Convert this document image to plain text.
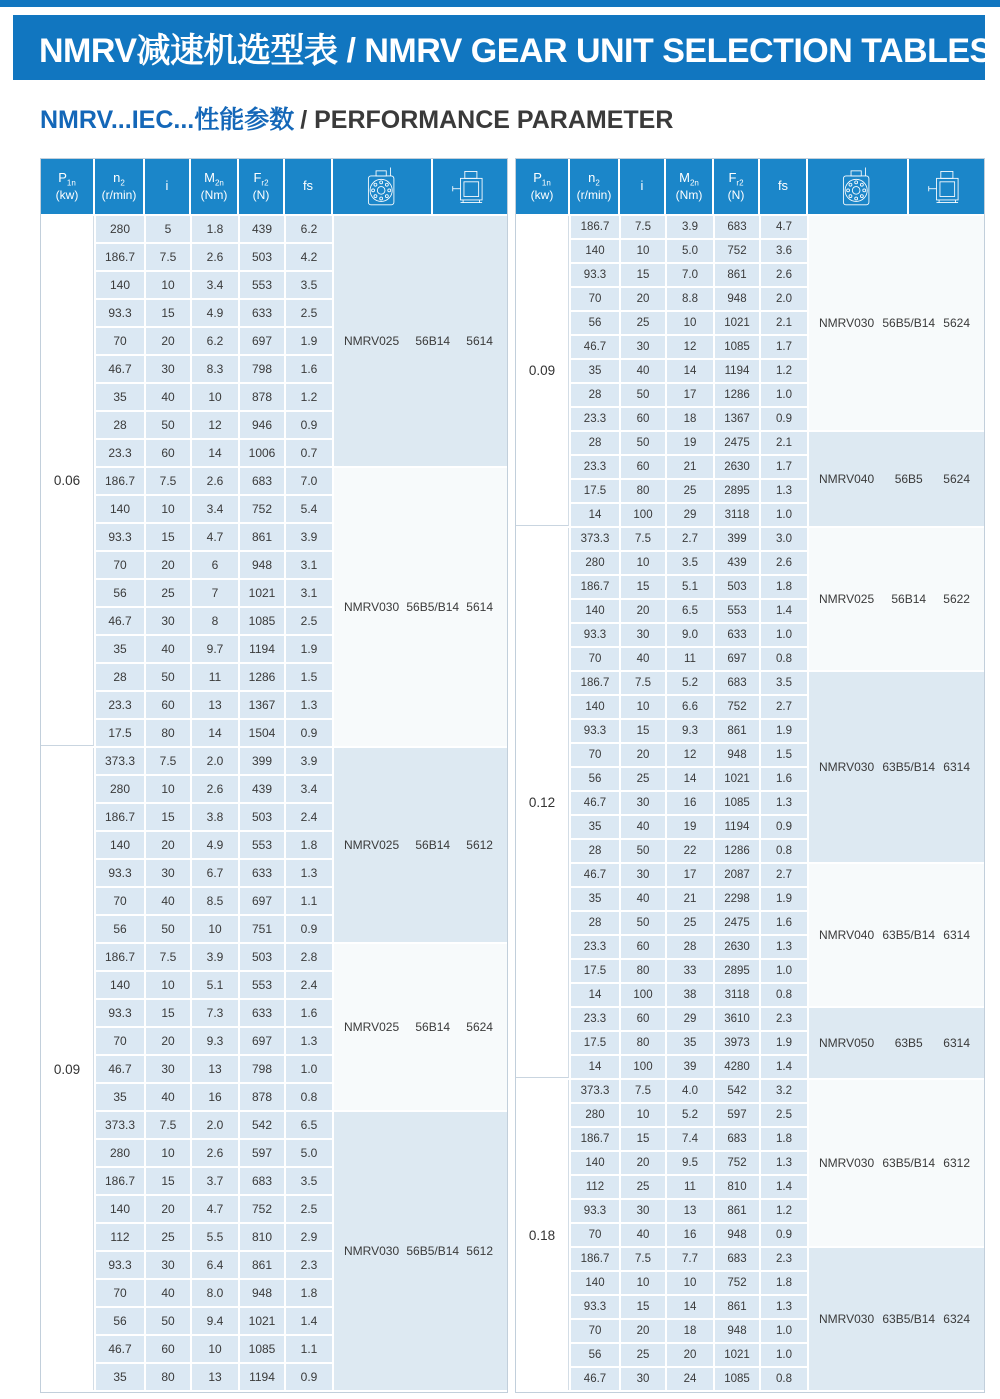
NMRV减速机选型表 / NMRV GEAR UNIT SELECTION TABLES
NMRV...IEC...性能参数 / PERFORMANCE PARAMETER
$P_{1n}$
(kw)
$n_2$
(r/min)
i
$M_{2n}$
(Nm)
$F_{r2}$
(N)
fs
0.06
280	5	1.8	439	6.2
186.7	7.5	2.6	503	4.2
140	10	3.4	553	3.5
93.3	15	4.9	633	2.5
70	20	6.2	697	1.9
46.7	30	8.3	798	1.6
35	40	10	878	1.2
28	50	12	946	0.9
23.3	60	14	1006	0.7
NMRV025 56B14 5614
186.7	7.5	2.6	683	7.0
140	10	3.4	752	5.4
93.3	15	4.7	861	3.9
70	20	6	948	3.1
56	25	7	1021	3.1
46.7	30	8	1085	2.5
35	40	9.7	1194	1.9
28	50	11	1286	1.5
23.3	60	13	1367	1.3
17.5	80	14	1504	0.9
NMRV030 56B5/B14 5614
0.09
373.3	7.5	2.0	399	3.9
280	10	2.6	439	3.4
186.7	15	3.8	503	2.4
140	20	4.9	553	1.8
93.3	30	6.7	633	1.3
70	40	8.5	697	1.1
56	50	10	751	0.9
NMRV025 56B14 5612
186.7	7.5	3.9	503	2.8
140	10	5.1	553	2.4
93.3	15	7.3	633	1.6
70	20	9.3	697	1.3
46.7	30	13	798	1.0
35	40	16	878	0.8
NMRV025 56B14 5624
373.3	7.5	2.0	542	6.5
280	10	2.6	597	5.0
186.7	15	3.7	683	3.5
140	20	4.7	752	2.5
112	25	5.5	810	2.9
93.3	30	6.4	861	2.3
70	40	8.0	948	1.8
56	50	9.4	1021	1.4
46.7	60	10	1085	1.1
35	80	13	1194	0.9
NMRV030 56B5/B14 5612
$P_{1n}$
(kw)
$n_2$
(r/min)
i
$M_{2n}$
(Nm)
$F_{r2}$
(N)
fs
0.09
186.7	7.5	3.9	683	4.7
140	10	5.0	752	3.6
93.3	15	7.0	861	2.6
70	20	8.8	948	2.0
56	25	10	1021	2.1
46.7	30	12	1085	1.7
35	40	14	1194	1.2
28	50	17	1286	1.0
23.3	60	18	1367	0.9
NMRV030 56B5/B14 5624
28	50	19	2475	2.1
23.3	60	21	2630	1.7
17.5	80	25	2895	1.3
14	100	29	3118	1.0
NMRV040 56B5 5624
0.12
373.3	7.5	2.7	399	3.0
280	10	3.5	439	2.6
186.7	15	5.1	503	1.8
140	20	6.5	553	1.4
93.3	30	9.0	633	1.0
70	40	11	697	0.8
NMRV025 56B14 5622
186.7	7.5	5.2	683	3.5
140	10	6.6	752	2.7
93.3	15	9.3	861	1.9
70	20	12	948	1.5
56	25	14	1021	1.6
46.7	30	16	1085	1.3
35	40	19	1194	0.9
28	50	22	1286	0.8
NMRV030 63B5/B14 6314
46.7	30	17	2087	2.7
35	40	21	2298	1.9
28	50	25	2475	1.6
23.3	60	28	2630	1.3
17.5	80	33	2895	1.0
14	100	38	3118	0.8
NMRV040 63B5/B14 6314
23.3	60	29	3610	2.3
17.5	80	35	3973	1.9
14	100	39	4280	1.4
NMRV050 63B5 6314
0.18
373.3	7.5	4.0	542	3.2
280	10	5.2	597	2.5
186.7	15	7.4	683	1.8
140	20	9.5	752	1.3
112	25	11	810	1.4
93.3	30	13	861	1.2
70	40	16	948	0.9
NMRV030 63B5/B14 6312
186.7	7.5	7.7	683	2.3
140	10	10	752	1.8
93.3	15	14	861	1.3
70	20	18	948	1.0
56	25	20	1021	1.0
46.7	30	24	1085	0.8
NMRV030 63B5/B14 6324
